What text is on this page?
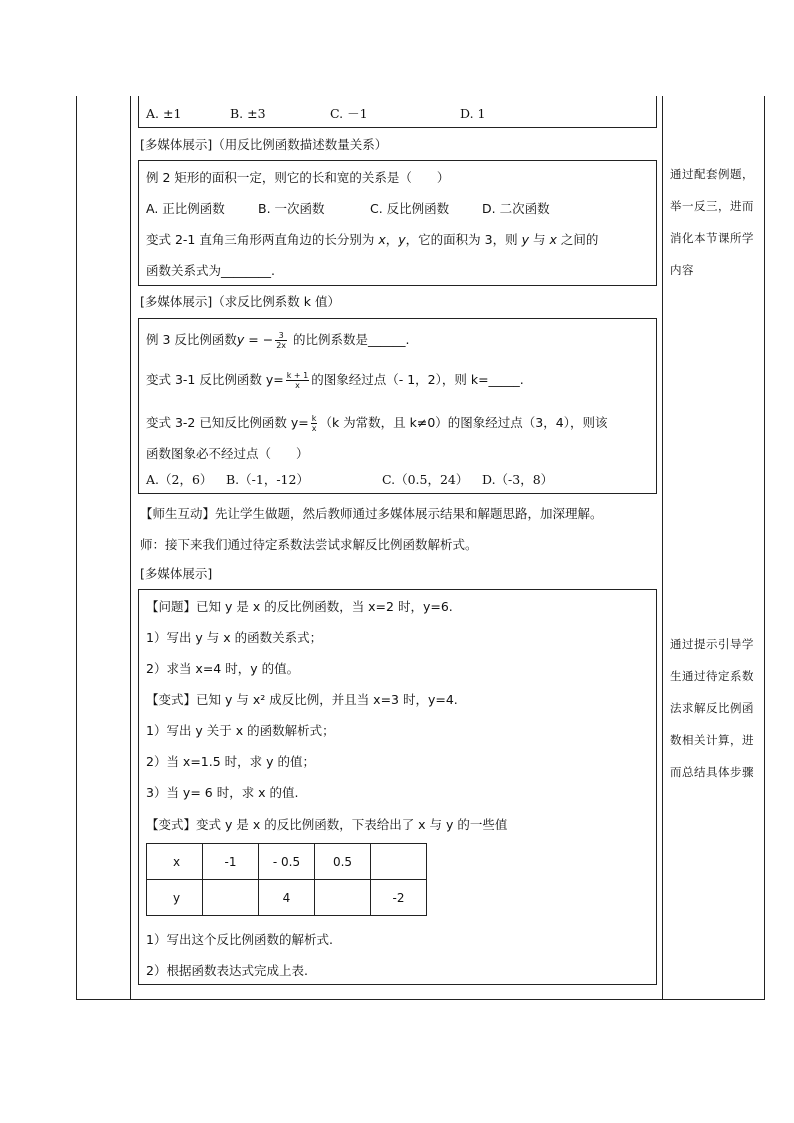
A. ±1	B. ±3	C. －1	D. 1
[多媒体展示]（用反比例函数描述数量关系）
例 2 矩形的面积一定，则它的长和宽的关系是（　　）
A. 正比例函数	B. 一次函数	C. 反比例函数	D. 二次函数
变式 2-1 直角三角形两直角边的长分别为 x，y，它的面积为 3，则 y 与 x 之间的
函数关系式为________.
通过配套例题，举一反三，进而消化本节课所学内容
[多媒体展示]（求反比例系数 k 值）
例 3 反比例函数y = − $\frac{3}{2x}$ 的比例系数是______.
变式 3-1 反比例函数 $y= \frac{k + 1}{x}$ 的图象经过点（- 1，2），则 k=_____.
变式 3-2 已知反比例函数 $y= \frac{k}{x} (k$ 为常数，且 k≠0）的图象经过点（3，4），则该
函数图象必不经过点（　　）
A.（2，6） B.（-1，-12）	C.（0.5，24） D.（-3，8）
【师生互动】先让学生做题，然后教师通过多媒体展示结果和解题思路，加深理解。
师：接下来我们通过待定系数法尝试求解反比例函数解析式。
[多媒体展示]
【问题】已知 y 是 x 的反比例函数，当 x=2 时，y=6.
1）写出 y 与 x 的函数关系式；
2）求当 x=4 时，y 的值。
【变式】已知 y 与 x² 成反比例，并且当 x=3 时，y=4.
1）写出 y 关于 x 的函数解析式；
2）当 x=1.5 时，求 y 的值；
3）当 y= 6 时，求 x 的值.
【变式】变式 y 是 x 的反比例函数，下表给出了 x 与 y 的一些值
x	-1	- 0.5	0.5	
y		4		-2
1）写出这个反比例函数的解析式.
2）根据函数表达式完成上表.
通过提示引导学生通过待定系数法求解反比例函数相关计算，进而总结具体步骤
